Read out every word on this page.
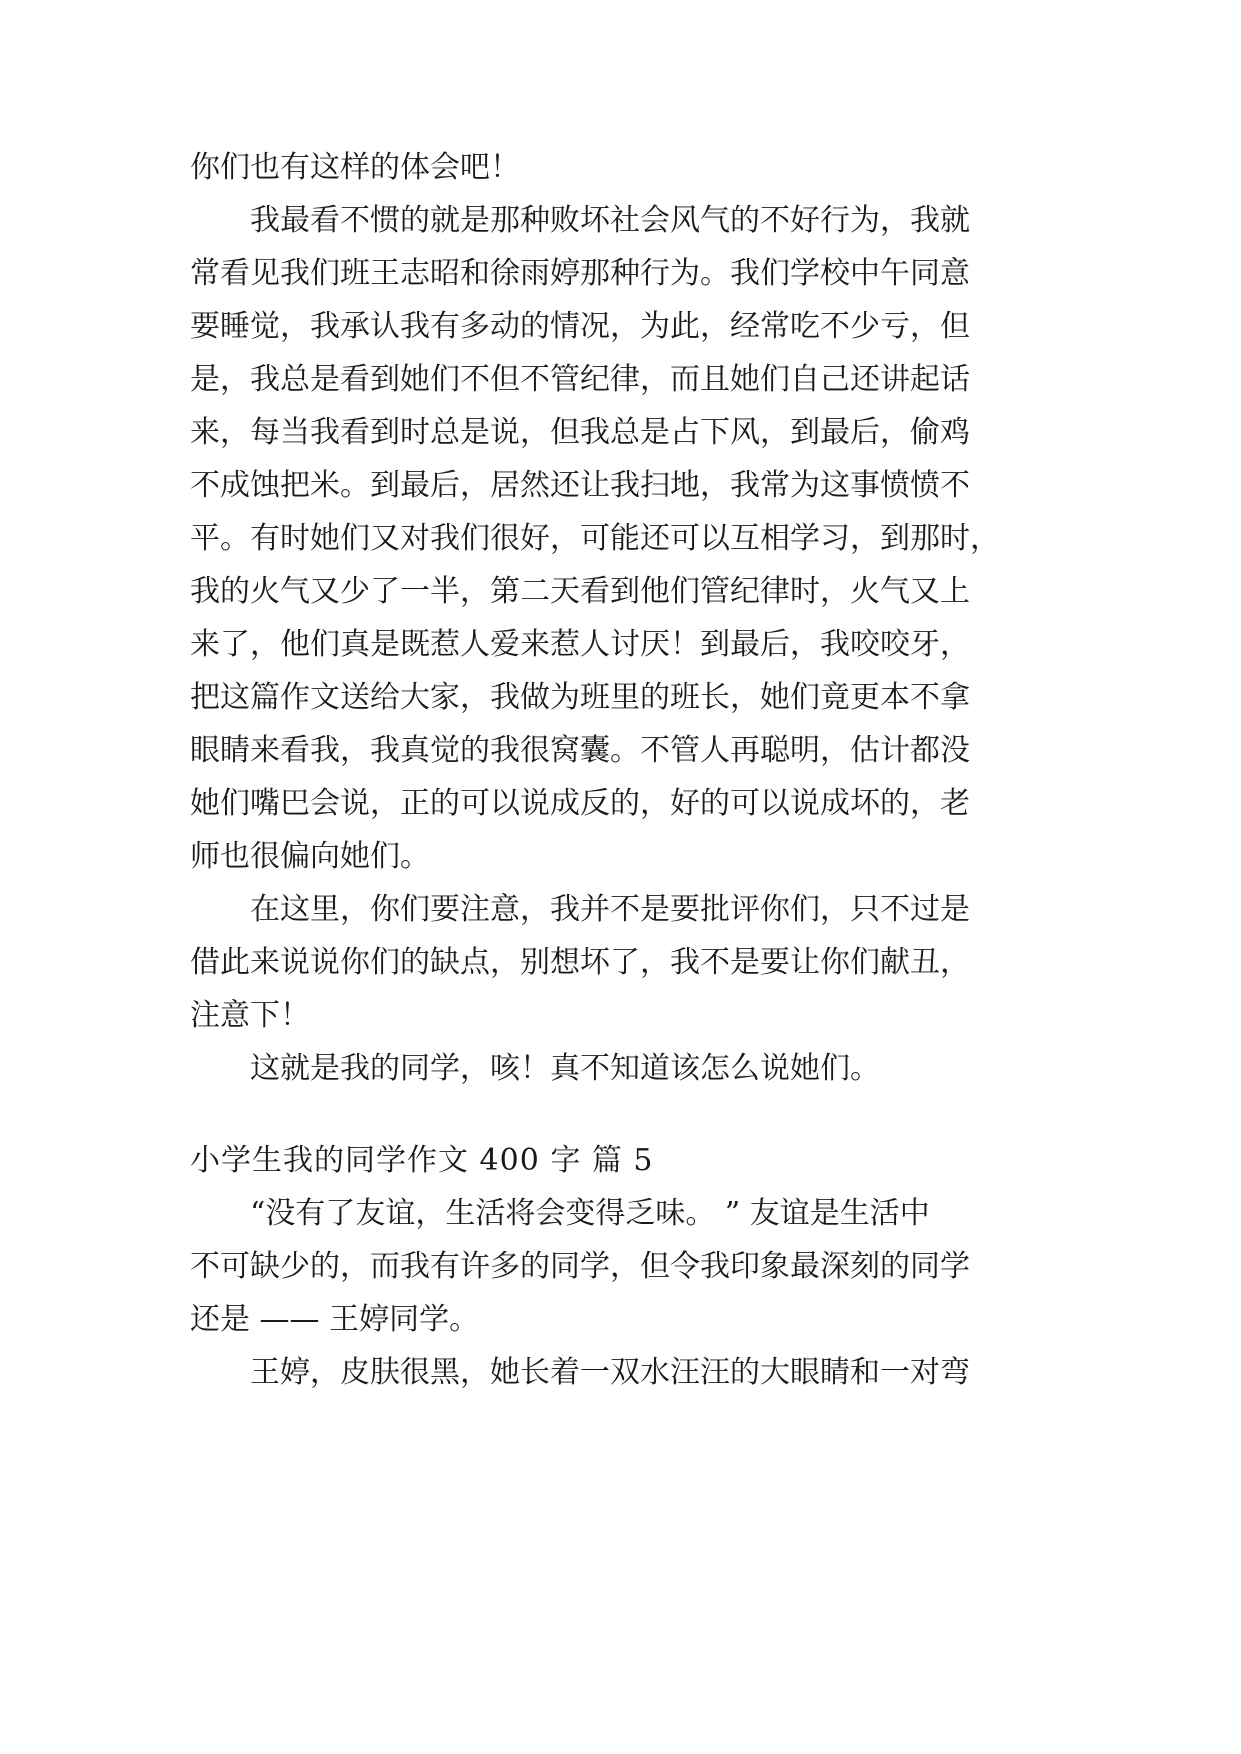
你们也有这样的体会吧！
　　我最看不惯的就是那种败坏社会风气的不好行为，我就
常看见我们班王志昭和徐雨婷那种行为。我们学校中午同意
要睡觉，我承认我有多动的情况，为此，经常吃不少亏，但
是，我总是看到她们不但不管纪律，而且她们自己还讲起话
来，每当我看到时总是说，但我总是占下风，到最后，偷鸡
不成蚀把米。到最后，居然还让我扫地，我常为这事愤愤不
平。有时她们又对我们很好，可能还可以互相学习，到那时，
我的火气又少了一半，第二天看到他们管纪律时，火气又上
来了，他们真是既惹人爱来惹人讨厌！到最后，我咬咬牙，
把这篇作文送给大家，我做为班里的班长，她们竟更本不拿
眼睛来看我，我真觉的我很窝囊。不管人再聪明，估计都没
她们嘴巴会说，正的可以说成反的，好的可以说成坏的，老
师也很偏向她们。
　　在这里，你们要注意，我并不是要批评你们，只不过是
借此来说说你们的缺点，别想坏了，我不是要让你们献丑，
注意下！
　　这就是我的同学，咳！真不知道该怎么说她们。
小学生我的同学作文 400 字 篇 5
　　“没有了友谊，生活将会变得乏味。 ” 友谊是生活中
不可缺少的，而我有许多的同学，但令我印象最深刻的同学
还是 —— 王婷同学。
　　王婷，皮肤很黑，她长着一双水汪汪的大眼睛和一对弯
